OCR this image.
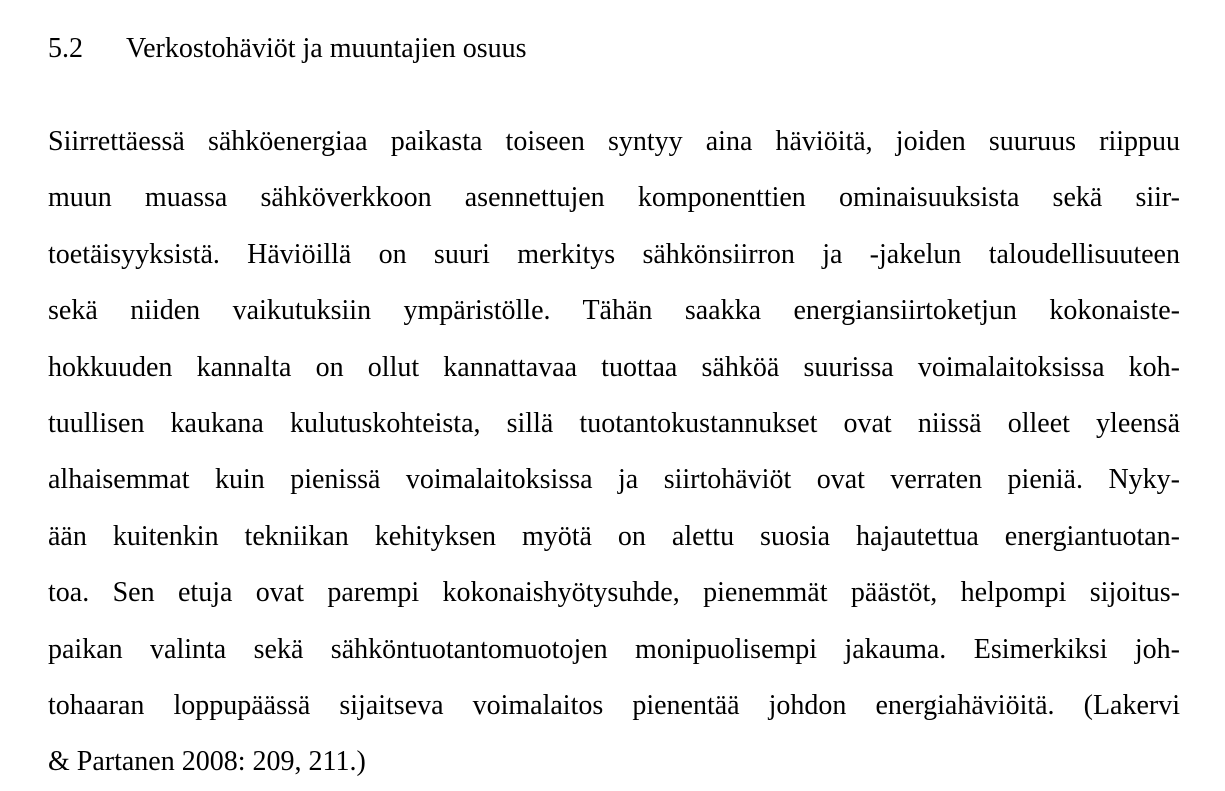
5.2 Verkostohäviöt ja muuntajien osuus
Siirrettäessä sähköenergiaa paikasta toiseen syntyy aina häviöitä, joiden suuruus riippuu
muun muassa sähköverkkoon asennettujen komponenttien ominaisuuksista sekä siir-
toetäisyyksistä. Häviöillä on suuri merkitys sähkönsiirron ja -jakelun taloudellisuuteen
sekä niiden vaikutuksiin ympäristölle. Tähän saakka energiansiirtoketjun kokonaiste-
hokkuuden kannalta on ollut kannattavaa tuottaa sähköä suurissa voimalaitoksissa koh-
tuullisen kaukana kulutuskohteista, sillä tuotantokustannukset ovat niissä olleet yleensä
alhaisemmat kuin pienissä voimalaitoksissa ja siirtohäviöt ovat verraten pieniä. Nyky-
ään kuitenkin tekniikan kehityksen myötä on alettu suosia hajautettua energiantuotan-
toa. Sen etuja ovat parempi kokonaishyötysuhde, pienemmät päästöt, helpompi sijoitus-
paikan valinta sekä sähköntuotantomuotojen monipuolisempi jakauma. Esimerkiksi joh-
tohaaran loppupäässä sijaitseva voimalaitos pienentää johdon energiahäviöitä. (Lakervi
& Partanen 2008: 209, 211.)
